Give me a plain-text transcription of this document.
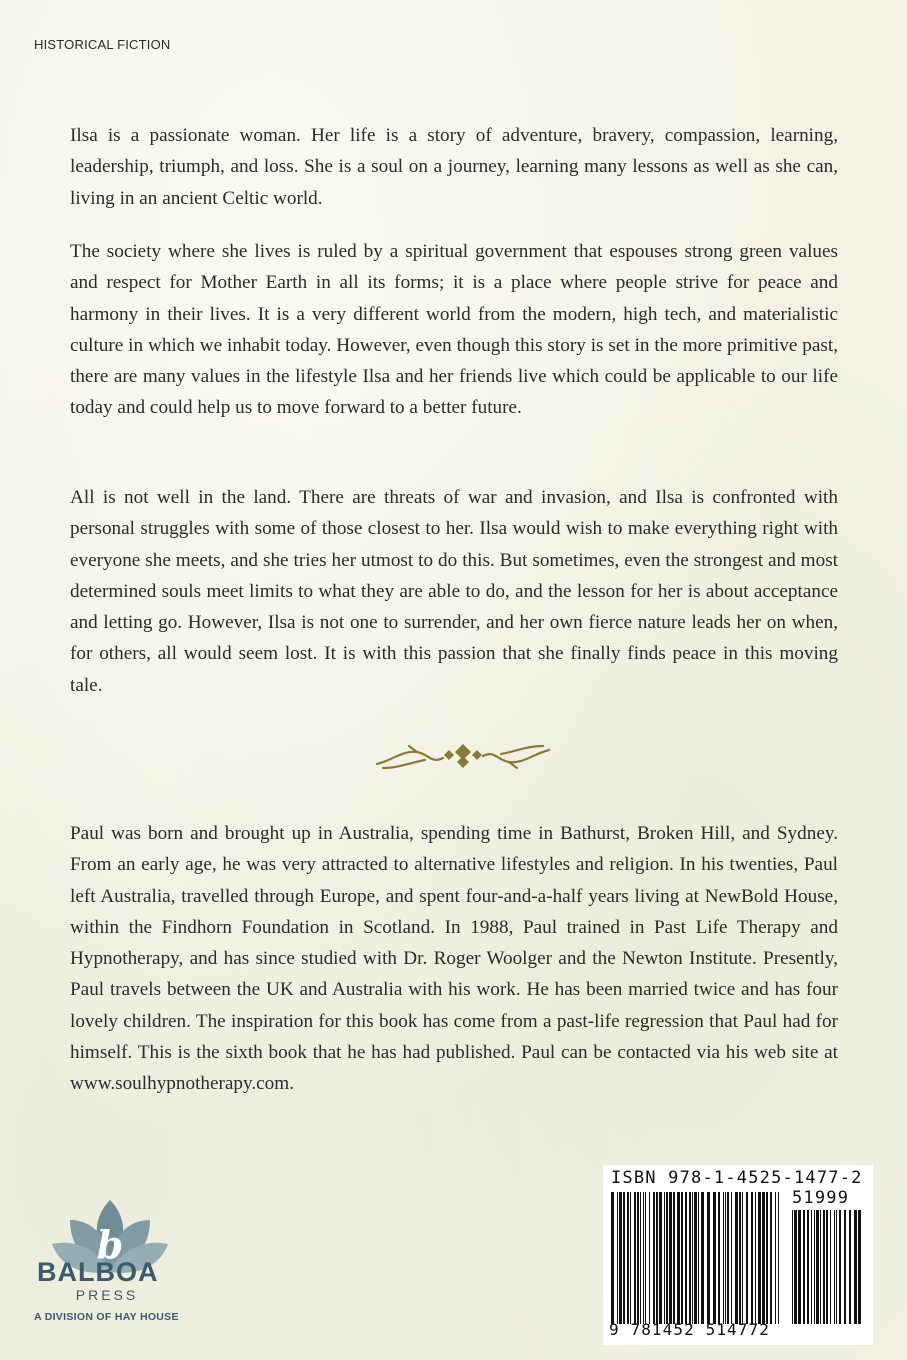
HISTORICAL FICTION

Ilsa is a passionate woman. Her life is a story of adventure, bravery, compassion, learning, leadership, triumph, and loss. She is a soul on a journey, learning many lessons as well as she can, living in an ancient Celtic world.

The society where she lives is ruled by a spiritual government that espouses strong green values and respect for Mother Earth in all its forms; it is a place where people strive for peace and harmony in their lives. It is a very different world from the modern, high tech, and materialistic culture in which we inhabit today. However, even though this story is set in the more primitive past, there are many values in the lifestyle Ilsa and her friends live which could be applicable to our life today and could help us to move forward to a better future.

All is not well in the land. There are threats of war and invasion, and Ilsa is confronted with personal struggles with some of those closest to her. Ilsa would wish to make everything right with everyone she meets, and she tries her utmost to do this. But sometimes, even the strongest and most determined souls meet limits to what they are able to do, and the lesson for her is about acceptance and letting go. However, Ilsa is not one to surrender, and her own fierce nature leads her on when, for others, all would seem lost. It is with this passion that she finally finds peace in this moving tale.

Paul was born and brought up in Australia, spending time in Bathurst, Broken Hill, and Sydney. From an early age, he was very attracted to alternative lifestyles and religion. In his twenties, Paul left Australia, travelled through Europe, and spent four-and-a-half years living at NewBold House, within the Findhorn Foundation in Scotland. In 1988, Paul trained in Past Life Therapy and Hypnotherapy, and has since studied with Dr. Roger Woolger and the Newton Institute. Presently, Paul travels between the UK and Australia with his work. He has been married twice and has four lovely children. The inspiration for this book has come from a past-life regression that Paul had for himself. This is the sixth book that he has had published. Paul can be contacted via his web site at www.soulhypnotherapy.com.

b
BALBOA
PRESS
A DIVISION OF HAY HOUSE
ISBN 978-1-4525-1477-2
51999
9 781452 514772
